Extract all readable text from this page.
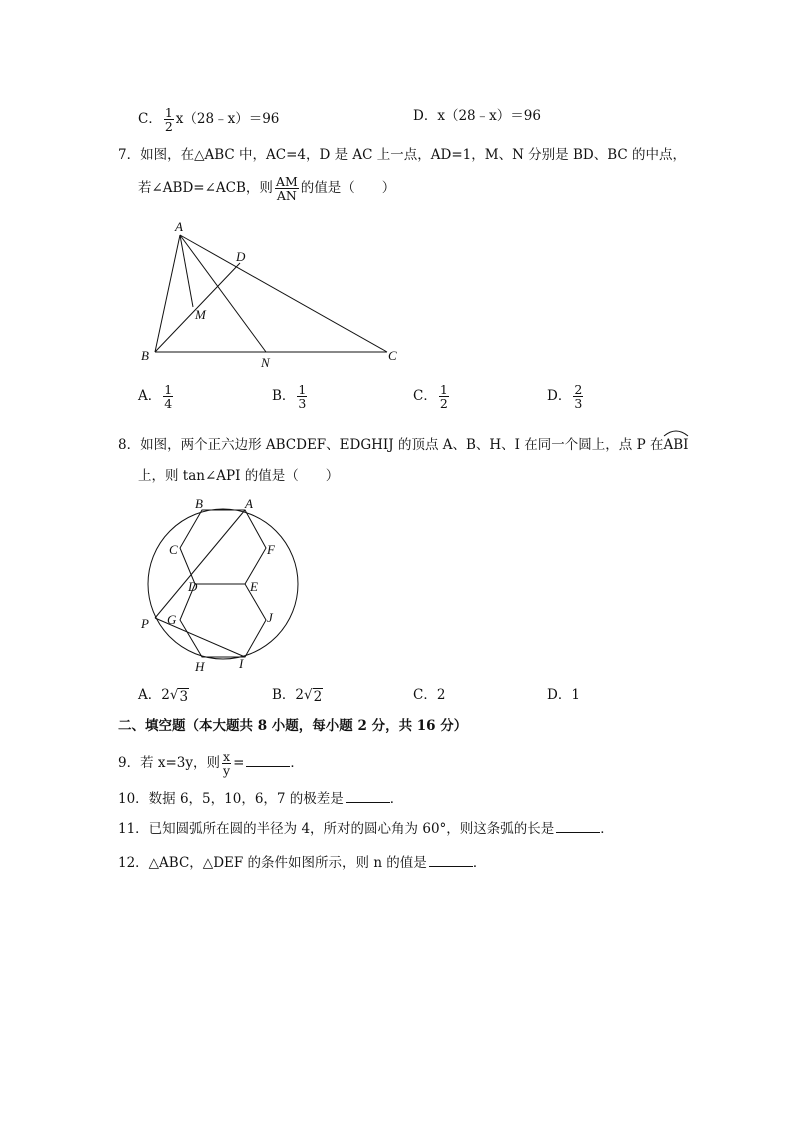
C． $\frac{1}{2}$ x（28﹣x）＝96	D．x（28﹣x）＝96
7．如图，在△ABC 中，AC=4，D 是 AC 上一点，AD=1，M、N 分别是 BD、BC 的中点，
若∠ABD=∠ACB，则 $\frac{AM}{AN}$ 的值是（　　）
A
D
M
B	N	C
A． $\frac{1}{4}$	B． $\frac{1}{3}$	C． $\frac{1}{2}$	D． $\frac{2}{3}$
8．如图，两个正六边形 ABCDEF、EDGHIJ 的顶点 A、B、H、I 在同一个圆上，点 P 在
ABI
上，则 tan∠API 的值是（　　）
B	A
C	F
D	E
G	J
P
H	I
A．2√ 3	B．2√ 2	C．2	D．1
二、填空题（本大题共 8 小题，每小题 2 分，共 16 分）
9．若 x=3y，则 $\frac{x}{y}$ =	．
10．数据 6，5，10，6，7 的极差是	．
11．已知圆弧所在圆的半径为 4，所对的圆心角为 60°，则这条弧的长是	．
12．△ABC，△DEF 的条件如图所示，则 n 的值是	．
